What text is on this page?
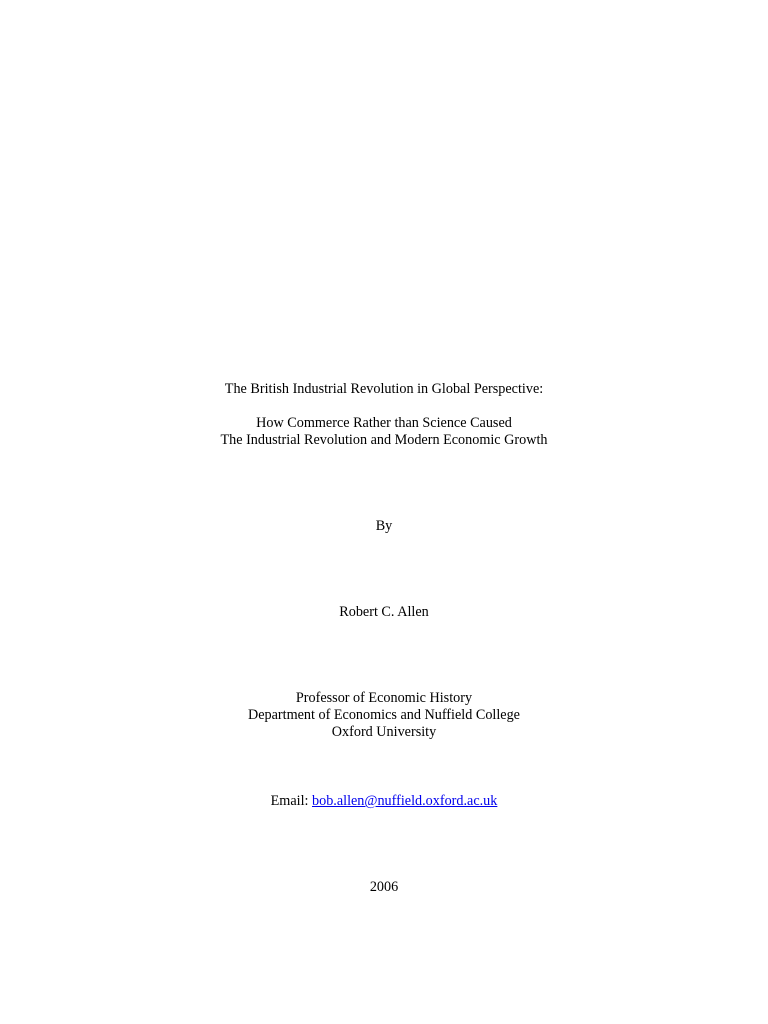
The British Industrial Revolution in Global Perspective:
How Commerce Rather than Science Caused
The Industrial Revolution and Modern Economic Growth
By
Robert C. Allen
Professor of Economic History
Department of Economics and Nuffield College
Oxford University
Email: bob.allen@nuffield.oxford.ac.uk
2006
